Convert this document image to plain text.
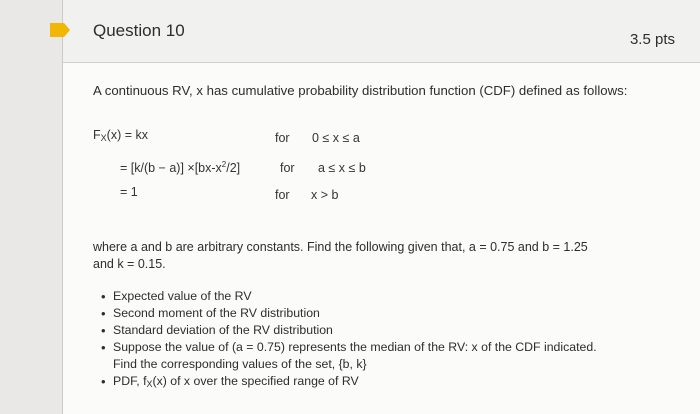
Question 10	3.5 pts
A continuous RV, x has cumulative probability distribution function (CDF) defined as follows:
$F_X(x)$ = kx	for 0 ≤ x ≤ a
= $[k/(b - a)] \times[bx-x^2/2]$	for a ≤ x ≤ b
= 1	for x > b
where a and b are arbitrary constants. Find the following given that, a = 0.75 and b = 1.25 and k = 0.15.
• Expected value of the RV
• Second moment of the RV distribution
• Standard deviation of the RV distribution
• Suppose the value of (a = 0.75) represents the median of the RV: x of the CDF indicated. Find the corresponding values of the set, {b, k}
• PDF, $f_X(x)$ of x over the specified range of RV
